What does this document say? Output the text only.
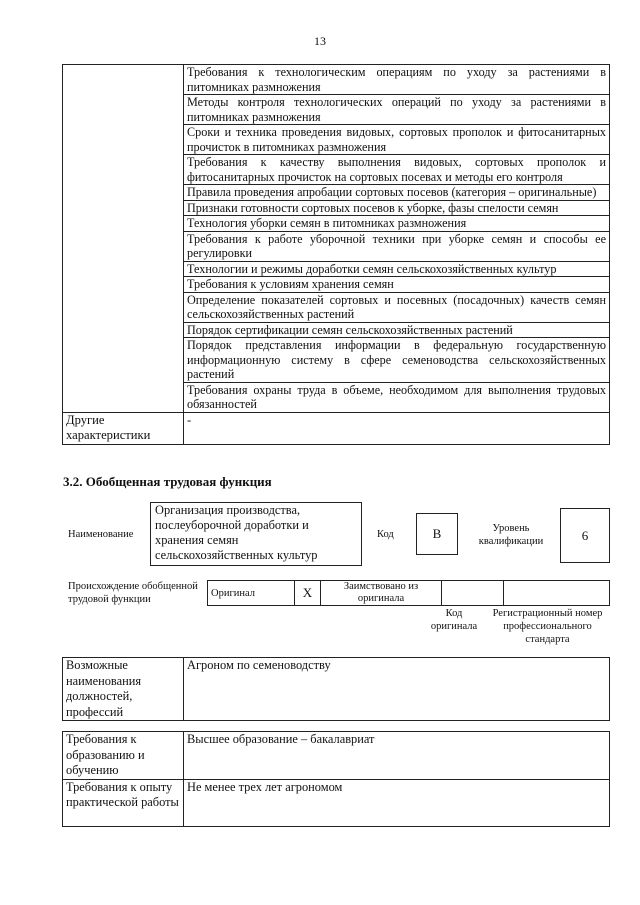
13
	Требования к технологическим операциям по уходу за растениями в питомниках размножения
	Методы контроля технологических операций по уходу за растениями в питомниках размножения
	Сроки и техника проведения видовых, сортовых прополок и фитосанитарных прочисток в питомниках размножения
	Требования к качеству выполнения видовых, сортовых прополок и фитосанитарных прочисток на сортовых посевах и методы его контроля
	Правила проведения апробации сортовых посевов (категория – оригинальные)
	Признаки готовности сортовых посевов к уборке, фазы спелости семян
	Технология уборки семян в питомниках размножения
	Требования к работе уборочной техники при уборке семян и способы ее регулировки
	Технологии и режимы доработки семян сельскохозяйственных культур
	Требования к условиям хранения семян
	Определение показателей сортовых и посевных (посадочных) качеств семян сельскохозяйственных растений
	Порядок сертификации семян сельскохозяйственных растений
	Порядок представления информации в федеральную государственную информационную систему в сфере семеноводства сельскохозяйственных растений
	Требования охраны труда в объеме, необходимом для выполнения трудовых обязанностей
Другие характеристики	-
3.2. Обобщенная трудовая функция
Наименование
Организация производства, послеуборочной доработки и хранения семян сельскохозяйственных культур
Код	B	Уровень квалификации	6
Происхождение обобщенной трудовой функции
Оригинал	X	Заимствовано из оригинала		
Код оригинала
Регистрационный номер профессионального стандарта
Возможные наименования должностей, профессий	Агроном по семеноводству
Требования к образованию и обучению	Высшее образование – бакалавриат
Требования к опыту практической работы	Не менее трех лет агрономом
